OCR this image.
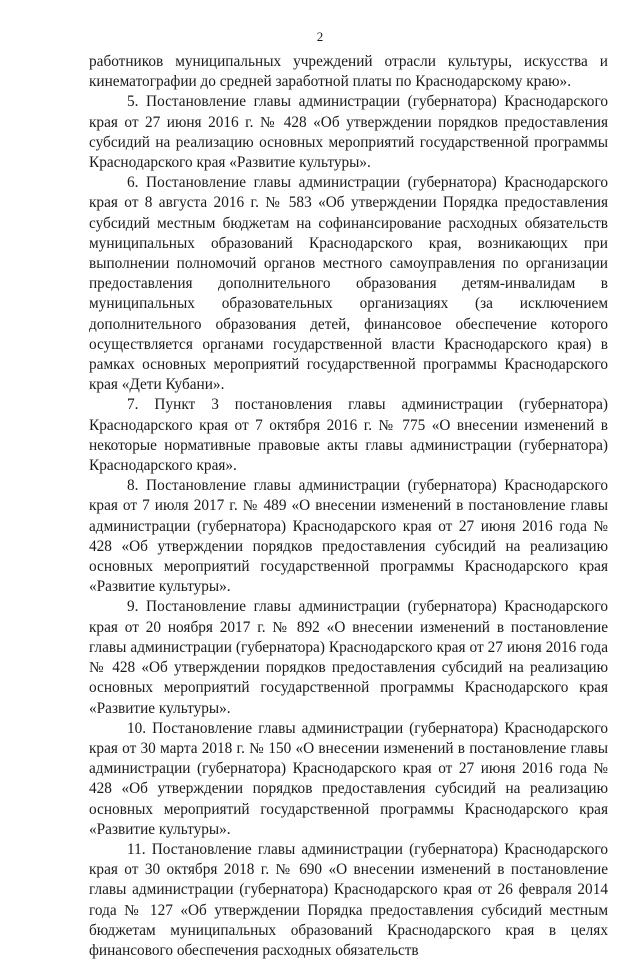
2

работников муниципальных учреждений отрасли культуры, искусства и кинематографии до средней заработной платы по Краснодарскому краю».

5. Постановление главы администрации (губернатора) Краснодарского края от 27 июня 2016 г. № 428 «Об утверждении порядков предоставления субсидий на реализацию основных мероприятий государственной программы Краснодарского края «Развитие культуры».

6. Постановление главы администрации (губернатора) Краснодарского края от 8 августа 2016 г. № 583 «Об утверждении Порядка предоставления субсидий местным бюджетам на софинансирование расходных обязательств муниципальных образований Краснодарского края, возникающих при выполнении полномочий органов местного самоуправления по организации предоставления дополнительного образования детям-инвалидам в муниципальных образовательных организациях (за исключением дополнительного образования детей, финансовое обеспечение которого осуществляется органами государственной власти Краснодарского края) в рамках основных мероприятий государственной программы Краснодарского края «Дети Кубани».

7. Пункт 3 постановления главы администрации (губернатора) Краснодарского края от 7 октября 2016 г. № 775 «О внесении изменений в некоторые нормативные правовые акты главы администрации (губернатора) Краснодарского края».

8. Постановление главы администрации (губернатора) Краснодарского края от 7 июля 2017 г. № 489 «О внесении изменений в постановление главы администрации (губернатора) Краснодарского края от 27 июня 2016 года № 428 «Об утверждении порядков предоставления субсидий на реализацию основных мероприятий государственной программы Краснодарского края «Развитие культуры».

9. Постановление главы администрации (губернатора) Краснодарского края от 20 ноября 2017 г. № 892 «О внесении изменений в постановление главы администрации (губернатора) Краснодарского края от 27 июня 2016 года № 428 «Об утверждении порядков предоставления субсидий на реализацию основных мероприятий государственной программы Краснодарского края «Развитие культуры».

10. Постановление главы администрации (губернатора) Краснодарского края от 30 марта 2018 г. № 150 «О внесении изменений в постановление главы администрации (губернатора) Краснодарского края от 27 июня 2016 года № 428 «Об утверждении порядков предоставления субсидий на реализацию основных мероприятий государственной программы Краснодарского края «Развитие культуры».

11. Постановление главы администрации (губернатора) Краснодарского края от 30 октября 2018 г. № 690 «О внесении изменений в постановление главы администрации (губернатора) Краснодарского края от 26 февраля 2014 года № 127 «Об утверждении Порядка предоставления субсидий местным бюджетам муниципальных образований Краснодарского края в целях финансового обеспечения расходных обязательств
